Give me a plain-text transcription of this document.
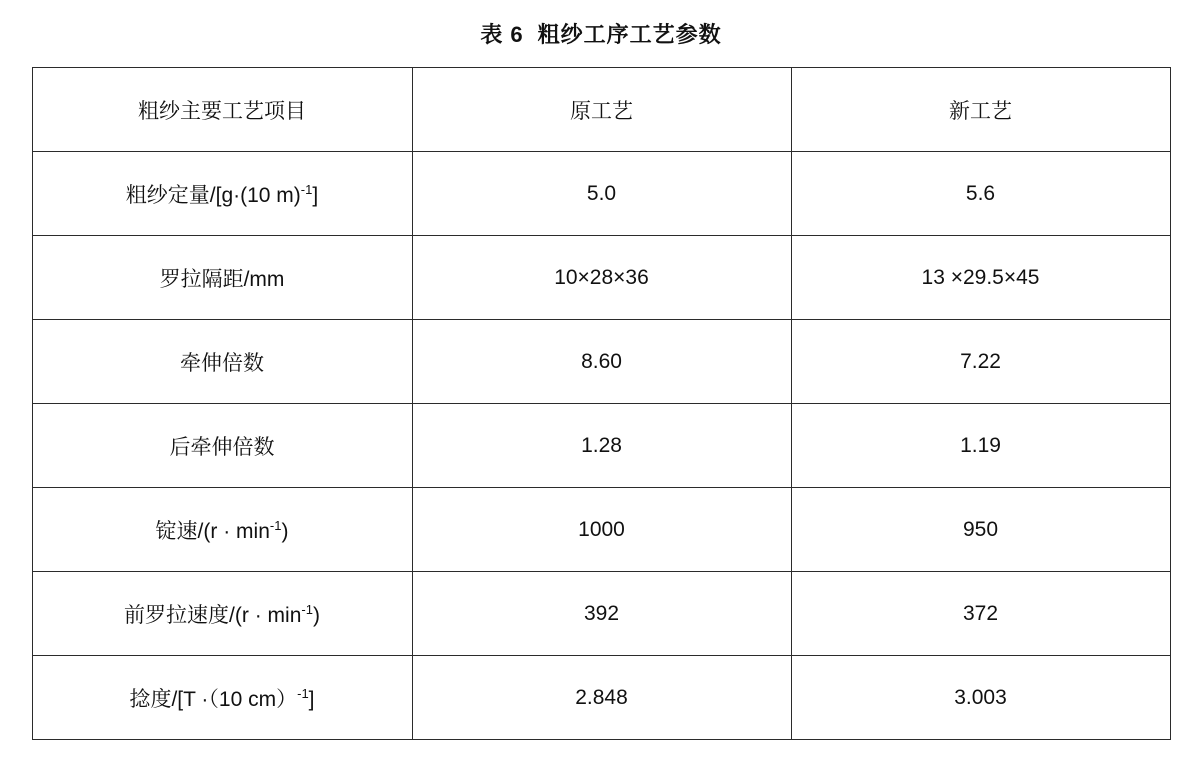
表 6 粗纱工序工艺参数
粗纱主要工艺项目	原工艺	新工艺
粗纱定量/[g·(10 m)$^{-1}$]	5.0	5.6
罗拉隔距/mm	10×28×36	13 ×29.5×45
牵伸倍数	8.60	7.22
后牵伸倍数	1.28	1.19
锭速$/(r \cdot \min^{-1})$	1000	950
前罗拉速度$/(r \cdot \min^{-1})$	392	372
捻度/[T ·（10 cm）$^{-1}$]	2.848	3.003
